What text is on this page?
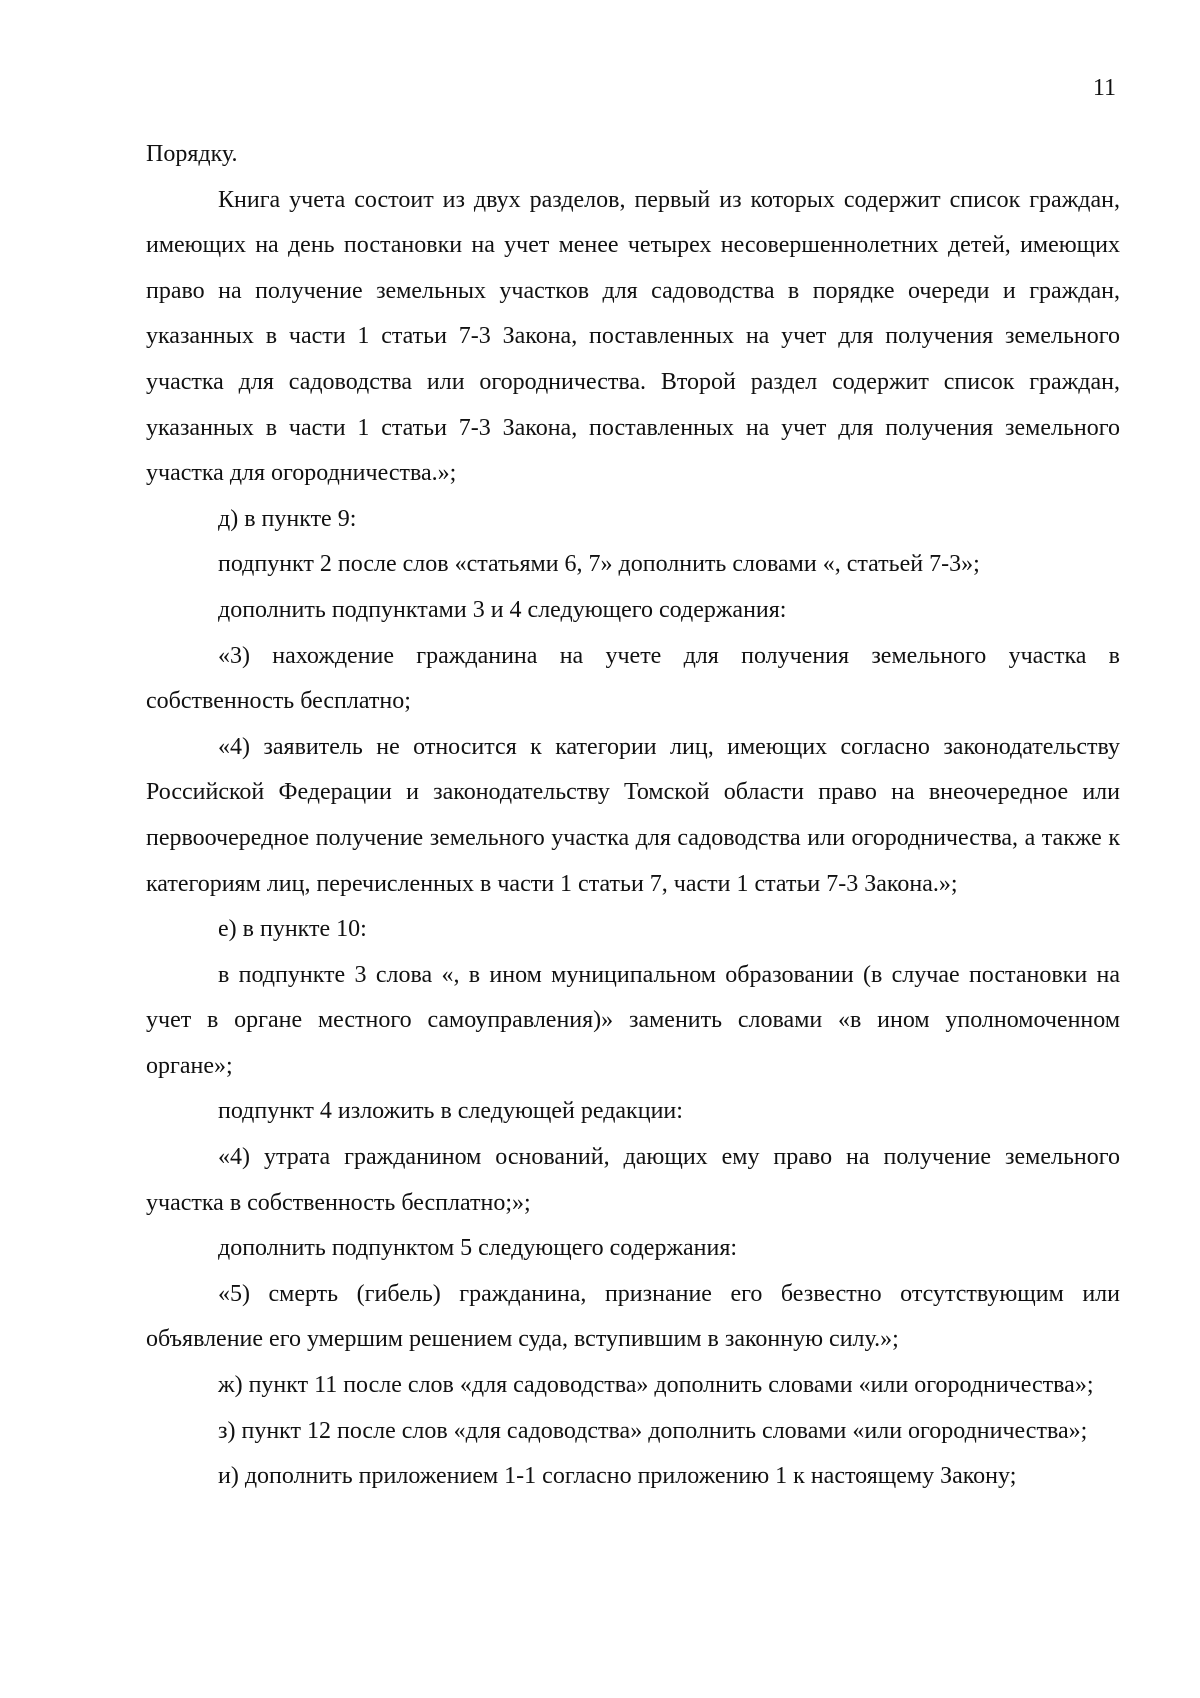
11

Порядку.

Книга учета состоит из двух разделов, первый из которых содержит список граждан, имеющих на день постановки на учет менее четырех несовершеннолетних детей, имеющих право на получение земельных участков для садоводства в порядке очереди и граждан, указанных в части 1 статьи 7-3 Закона, поставленных на учет для получения земельного участка для садоводства или огородничества. Второй раздел содержит список граждан, указанных в части 1 статьи 7-3 Закона, поставленных на учет для получения земельного участка для огородничества.»;

д) в пункте 9:

подпункт 2 после слов «статьями 6, 7» дополнить словами «, статьей 7-3»;

дополнить подпунктами 3 и 4 следующего содержания:

«3) нахождение гражданина на учете для получения земельного участка в собственность бесплатно;

«4) заявитель не относится к категории лиц, имеющих согласно законодательству Российской Федерации и законодательству Томской области право на внеочередное или первоочередное получение земельного участка для садоводства или огородничества, а также к категориям лиц, перечисленных в части 1 статьи 7, части 1 статьи 7-3 Закона.»;

е) в пункте 10:

в подпункте 3 слова «, в ином муниципальном образовании (в случае постановки на учет в органе местного самоуправления)» заменить словами «в ином уполномоченном органе»;

подпункт 4 изложить в следующей редакции:

«4) утрата гражданином оснований, дающих ему право на получение земельного участка в собственность бесплатно;»;

дополнить подпунктом 5 следующего содержания:

«5) смерть (гибель) гражданина, признание его безвестно отсутствующим или объявление его умершим решением суда, вступившим в законную силу.»;

ж) пункт 11 после слов «для садоводства» дополнить словами «или огородничества»;

з) пункт 12 после слов «для садоводства» дополнить словами «или огородничества»;

и) дополнить приложением 1-1 согласно приложению 1 к настоящему Закону;
